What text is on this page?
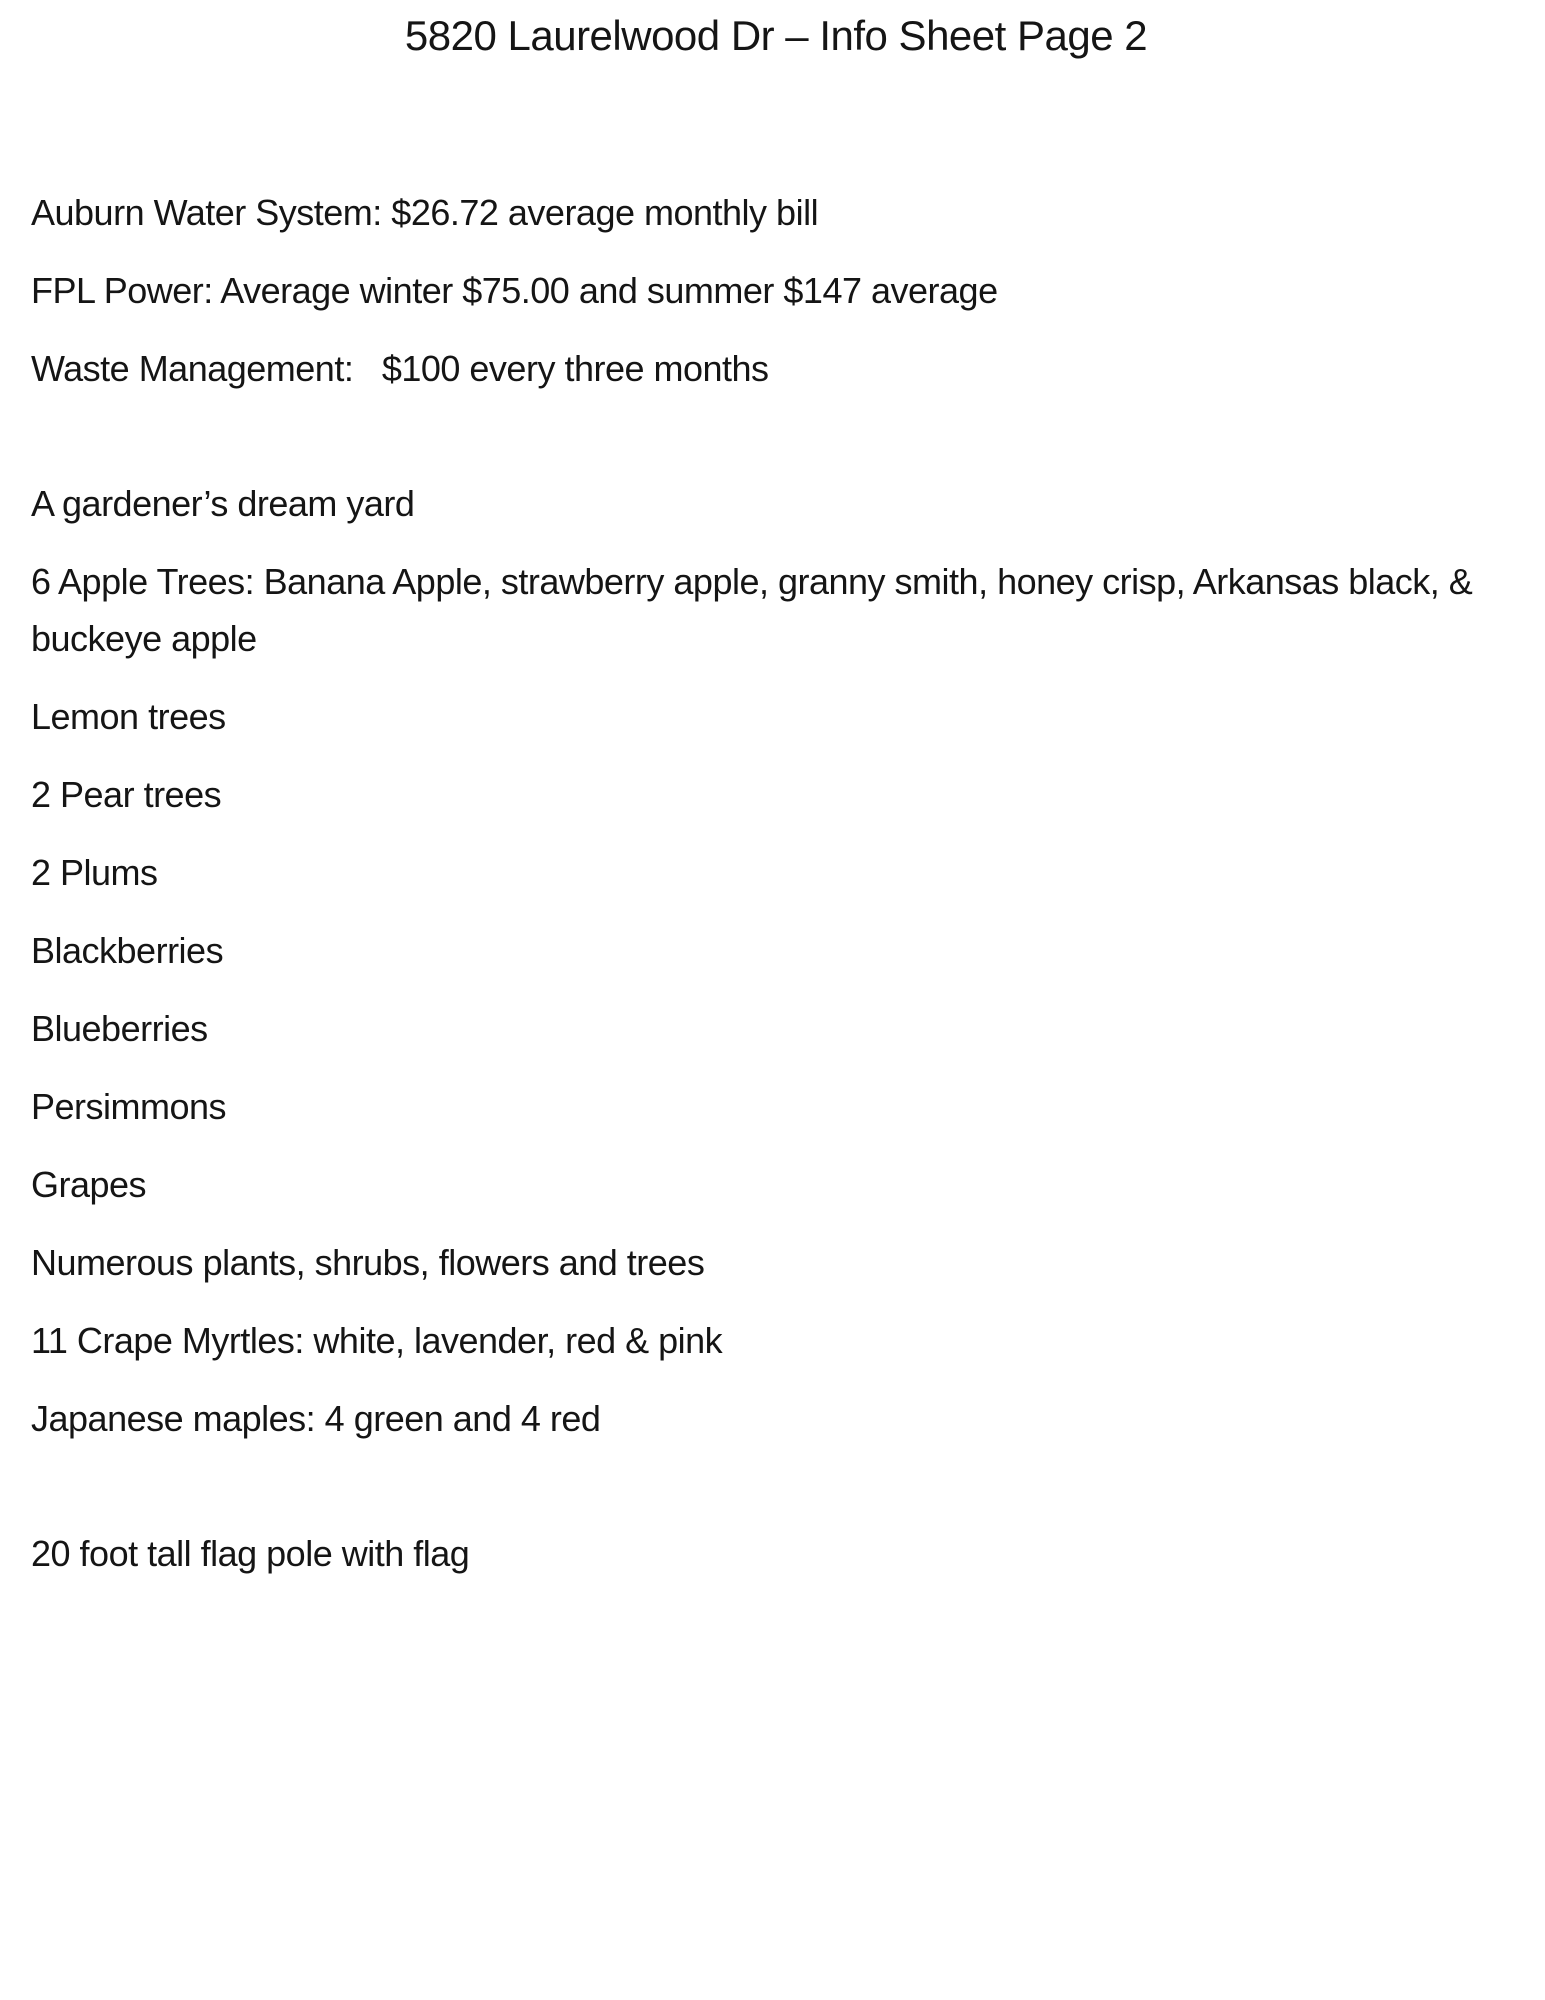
5820 Laurelwood Dr – Info Sheet Page 2

Auburn Water System: $26.72 average monthly bill

FPL Power: Average winter $75.00 and summer $147 average

Waste Management:   $100 every three months

A gardener’s dream yard

6 Apple Trees: Banana Apple, strawberry apple, granny smith, honey crisp, Arkansas black, & buckeye apple

Lemon trees

2 Pear trees

2 Plums

Blackberries

Blueberries

Persimmons

Grapes

Numerous plants, shrubs, flowers and trees

11 Crape Myrtles: white, lavender, red & pink

Japanese maples: 4 green and 4 red

20 foot tall flag pole with flag
